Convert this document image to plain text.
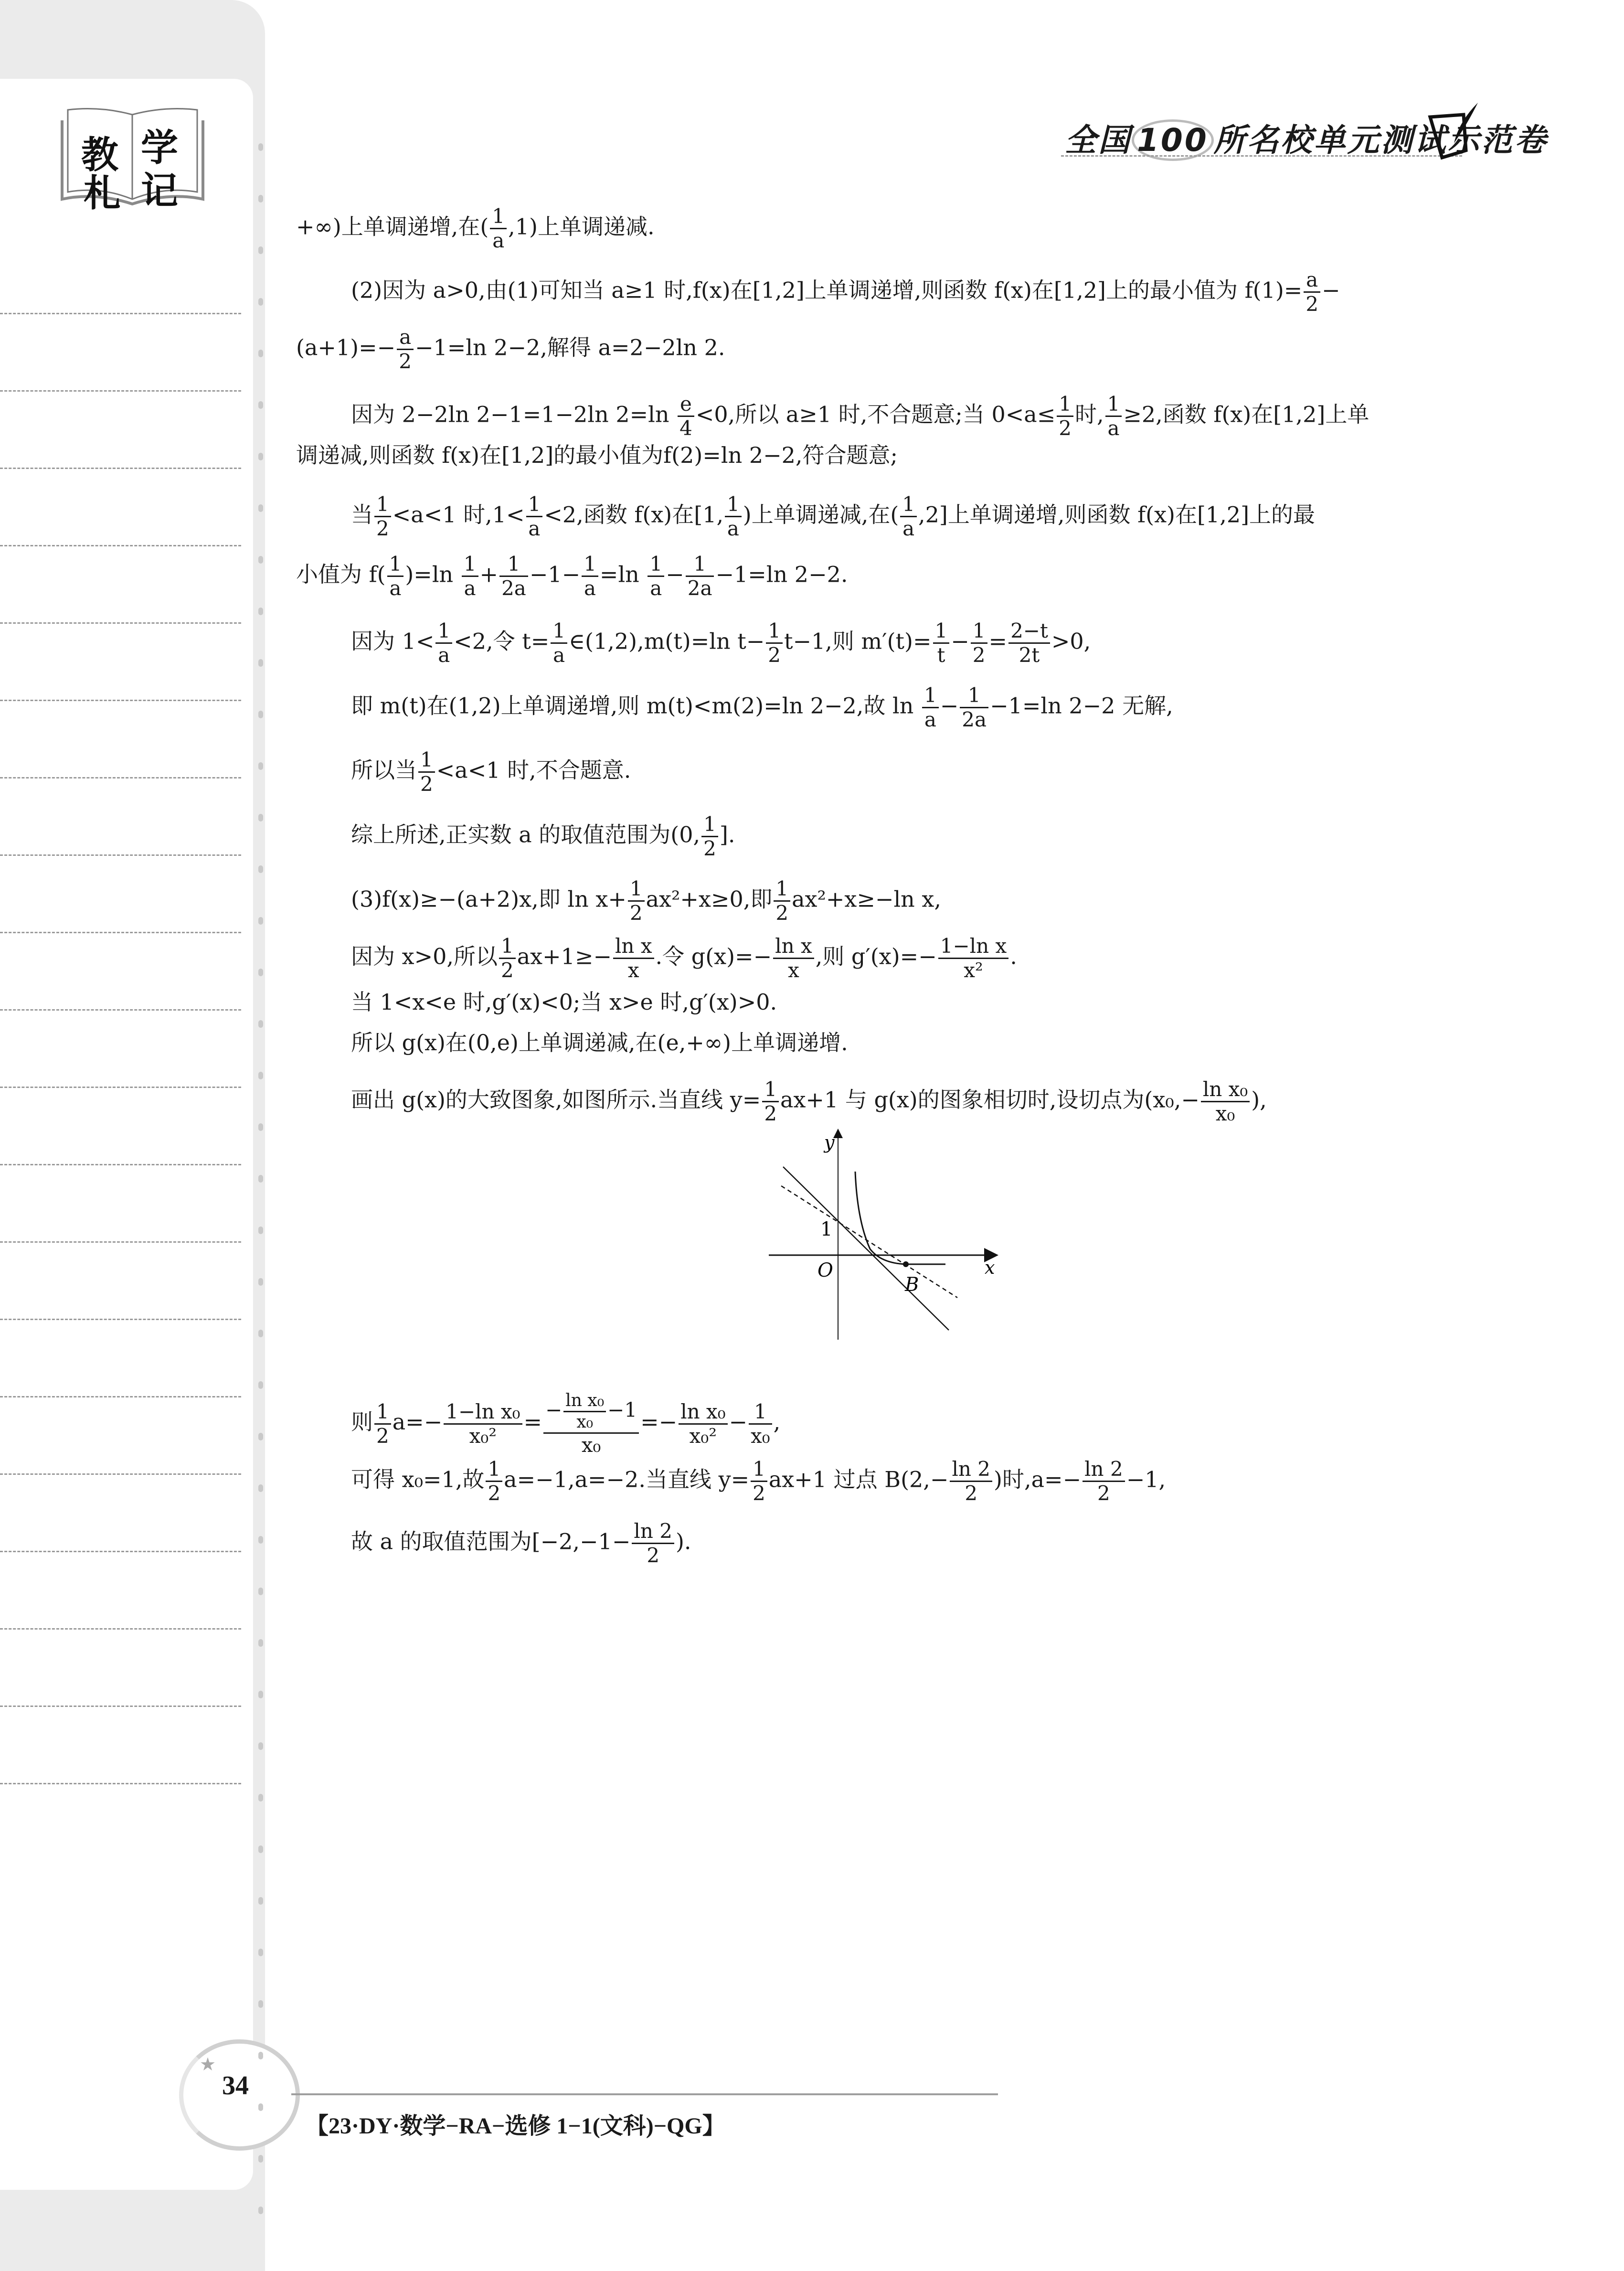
教 学
札 记
全国 100 所名校单元测试示范卷
+∞)上单调递增,在( $\frac{1}{a} ,1$)上单调递减.
(2)因为 a>0,由(1)可知当 a≥1 时,f(x)在[1,2]上单调递增,则函数 f(x)在[1,2]上的最小值为 $f(1)= \frac{a}{2}$ −
$(a+1)=- \frac{a}{2} -1=\ln$ 2−2,解得 a=2−2ln 2.
因为 2−2ln 2−1=1−2ln $2=\ln \frac{e}{4} <0$,所以 a≥1 时,不合题意;当 $0<a\le \frac{1}{2}$ 时, $\frac{1}{a} \ge 2$,函数 f(x)在[1,2]上单
调递减,则函数 f(x)在[1,2]的最小值为f(2)=ln 2−2,符合题意;
当 $\frac{1}{2} <a<1$ 时$,1< \frac{1}{a} <2$,函数 f(x)在[1, $\frac{1}{a}$ )上单调递减,在( $\frac{1}{a} ,2$]上单调递增,则函数 f(x)在[1,2]上的最
小值为 $f( \frac{1}{a} )=\ln \frac{1}{a} + \frac{1}{2a} -1- \frac{1}{a} =\ln \frac{1}{a} - \frac{1}{2a} -1=\ln$ 2−2.
因为 $1< \frac{1}{a} <2$,令 $t= \frac{1}{a}$ ∈(1,2),m(t)=ln $t- \frac{1}{2} t-1$,则 $m'(t)= \frac{1}{t} - \frac{1}{2} = \frac{2-t}{2t} >0$,
即 m(t)在(1,2)上单调递增,则 m(t)<m(2)=ln 2−2,故 $\ln \frac{1}{a} - \frac{1}{2a} -1=\ln$ 2−2 无解,
所以当 $\frac{1}{2} <a<1$ 时,不合题意.
综上所述,正实数 a 的取值范围为(0, $\frac{1}{2}$ ].
(3)f(x)≥−(a+2)x,即 $\ln x+ \frac{1}{2} ax^2+x\ge 0$,即 $\frac{1}{2} ax^2+x\ge-\ln$ x,
因为 x>0,所以 $\frac{1}{2} ax+1\ge- \frac{\text{ln x}}{x}$ .令 $g(x)=- \frac{\text{ln x}}{x}$ ,则 $g'(x)=- \frac{\text{1−ln x}}{\text{x²}}$ .
当 1<x<e 时,g′(x)<0;当 x>e 时,g′(x)>0.
所以 g(x)在(0,e)上单调递减,在(e,+∞)上单调递增.
画出 g(x)的大致图象,如图所示.当直线 $y= \frac{1}{2} ax+1$ 与 g(x)的图象相切时,设切点为($x_0,- \frac{\text{ln x₀}}{\text{x₀}}$ ),
则 $\frac{1}{2} a=- \frac{\text{1−ln x₀}}{\text{x₀²}} = \frac{- \frac{\text{ln x₀}}{\text{x₀}} -1}{\text{x₀}} =- \frac{\text{ln x₀}}{\text{x₀²}} - \frac{1}{\text{x₀}}$ ,
可得 x₀=1,故 $\frac{1}{2} a=-1,a=-2$.当直线 $y= \frac{1}{2} ax+1$ 过点 $B(2,- \frac{\ln 2}{2}$ )时$,a=- \frac{\ln 2}{2} -1$,
故 a 的取值范围为[$-2,-1- \frac{\ln 2}{2}$ ).
y
x
O
1
B
★
34
【23·DY·数学−RA−选修 1−1(文科)−QG】
